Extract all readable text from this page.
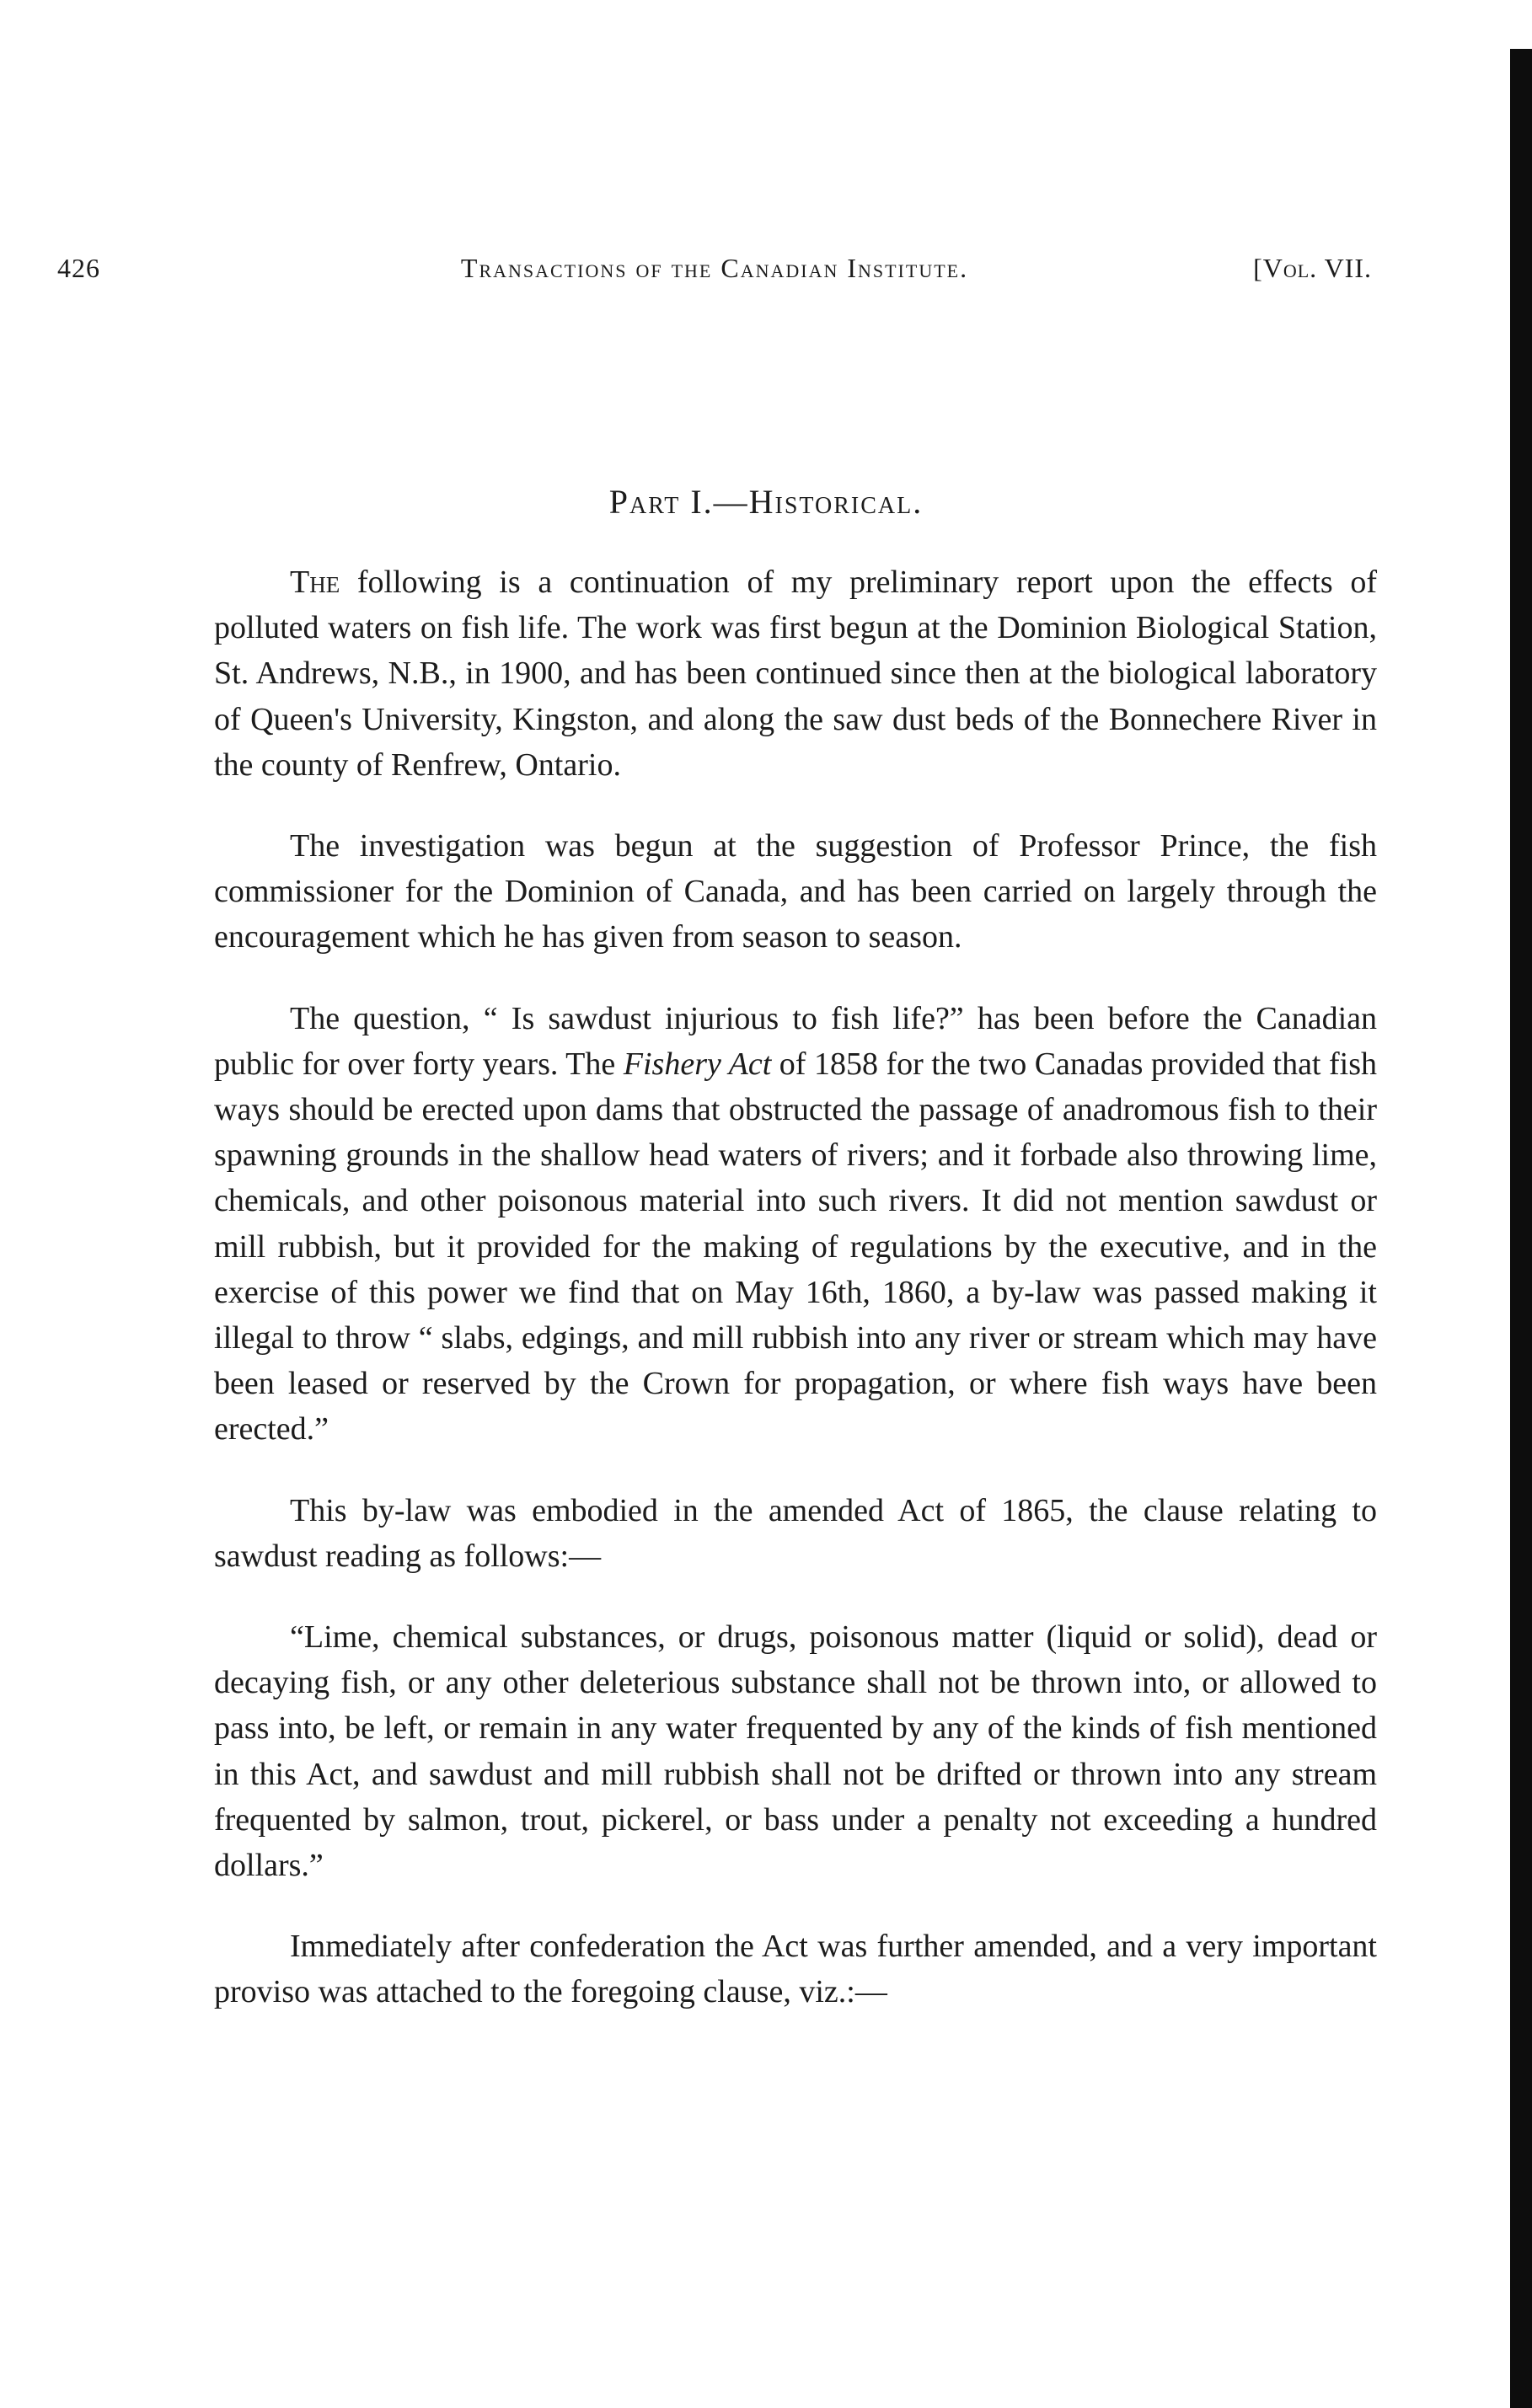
426	Transactions of the Canadian Institute.	[Vol. VII.
Part I.—Historical.

The following is a continuation of my preliminary report upon the effects of polluted waters on fish life. The work was first begun at the Dominion Biological Station, St. Andrews, N.B., in 1900, and has been continued since then at the biological laboratory of Queen's University, Kingston, and along the saw dust beds of the Bonnechere River in the county of Renfrew, Ontario.

The investigation was begun at the suggestion of Professor Prince, the fish commissioner for the Dominion of Canada, and has been carried on largely through the encouragement which he has given from season to season.

The question, “ Is sawdust injurious to fish life?” has been before the Canadian public for over forty years. The Fishery Act of 1858 for the two Canadas provided that fish ways should be erected upon dams that obstructed the passage of anadromous fish to their spawning grounds in the shallow head waters of rivers; and it forbade also throwing lime, chemicals, and other poisonous material into such rivers. It did not mention sawdust or mill rubbish, but it provided for the making of regulations by the executive, and in the exercise of this power we find that on May 16th, 1860, a by-law was passed making it illegal to throw “ slabs, edgings, and mill rubbish into any river or stream which may have been leased or reserved by the Crown for propagation, or where fish ways have been erected.”

This by-law was embodied in the amended Act of 1865, the clause relating to sawdust reading as follows:—

“Lime, chemical substances, or drugs, poisonous matter (liquid or solid), dead or decaying fish, or any other deleterious substance shall not be thrown into, or allowed to pass into, be left, or remain in any water frequented by any of the kinds of fish mentioned in this Act, and sawdust and mill rubbish shall not be drifted or thrown into any stream frequented by salmon, trout, pickerel, or bass under a penalty not exceeding a hundred dollars.”

Immediately after confederation the Act was further amended, and a very important proviso was attached to the foregoing clause, viz.:—
